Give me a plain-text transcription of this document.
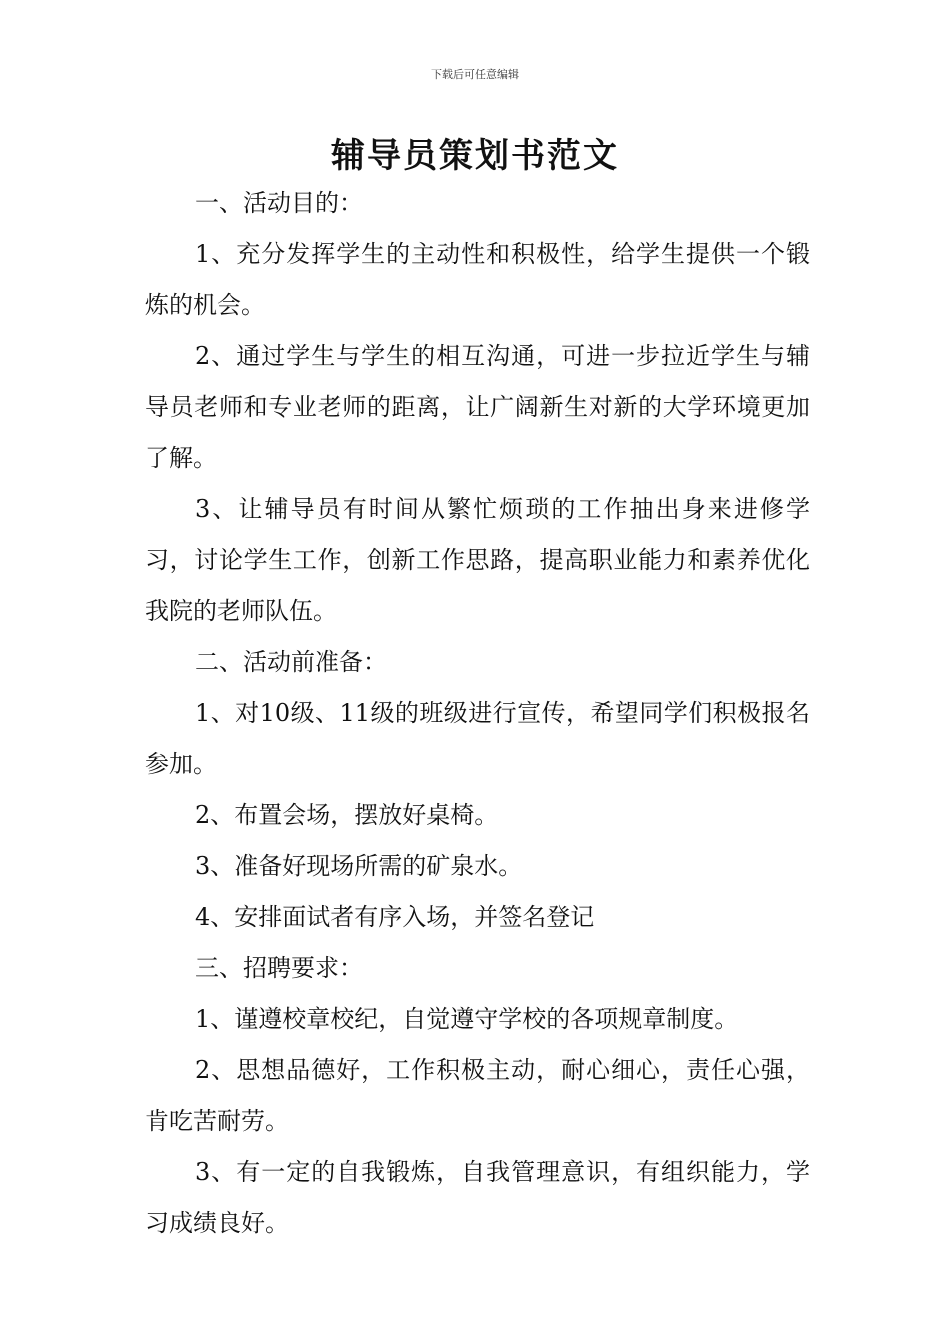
下载后可任意编辑
辅导员策划书范文

一、活动目的：

1、充分发挥学生的主动性和积极性，给学生提供一个锻炼的机会。

2、通过学生与学生的相互沟通，可进一步拉近学生与辅导员老师和专业老师的距离，让广阔新生对新的大学环境更加了解。

3、让辅导员有时间从繁忙烦琐的工作抽出身来进修学习，讨论学生工作，创新工作思路，提高职业能力和素养优化我院的老师队伍。

二、活动前准备：

1、对10级、11级的班级进行宣传，希望同学们积极报名参加。

2、布置会场，摆放好桌椅。

3、准备好现场所需的矿泉水。

4、安排面试者有序入场，并签名登记

三、招聘要求：

1、谨遵校章校纪，自觉遵守学校的各项规章制度。

2、思想品德好，工作积极主动，耐心细心，责任心强，肯吃苦耐劳。

3、有一定的自我锻炼，自我管理意识，有组织能力，学习成绩良好。
